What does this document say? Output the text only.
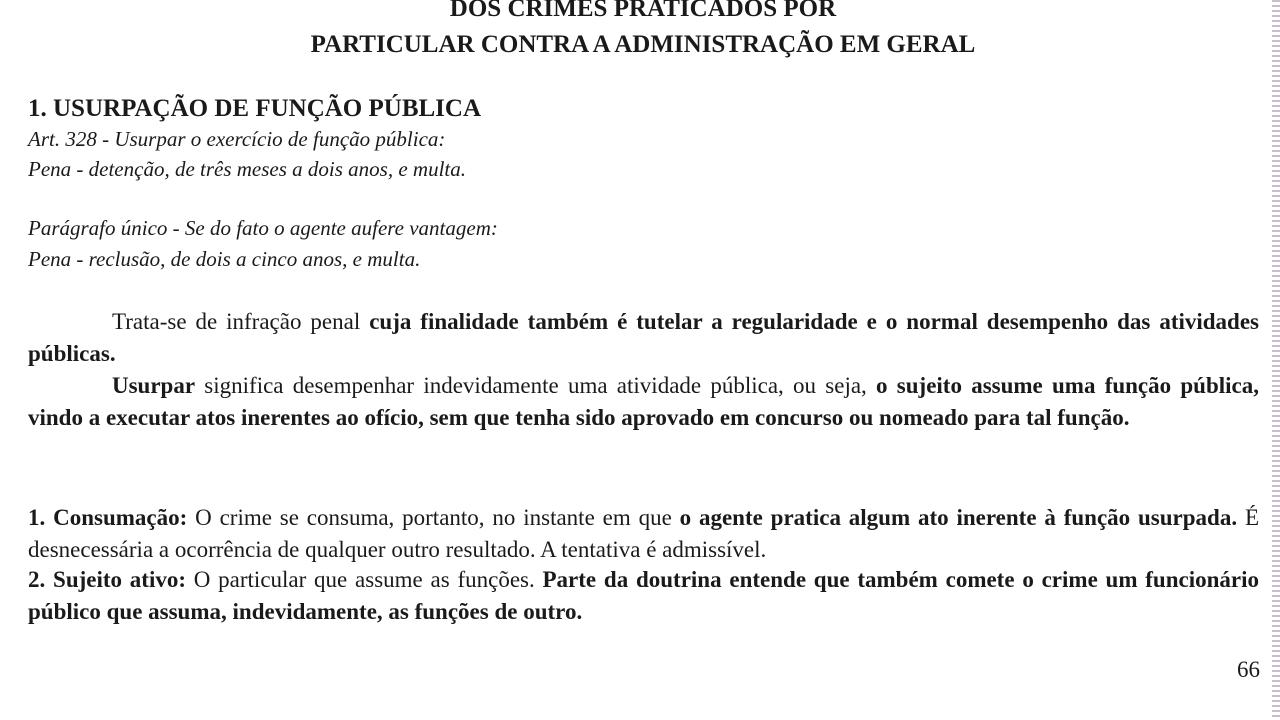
DOS CRIMES PRATICADOS POR
PARTICULAR CONTRA A ADMINISTRAÇÃO EM GERAL
1. USURPAÇÃO DE FUNÇÃO PÚBLICA
Art. 328 - Usurpar o exercício de função pública:
Pena - detenção, de três meses a dois anos, e multa.
Parágrafo único - Se do fato o agente aufere vantagem:
Pena - reclusão, de dois a cinco anos, e multa.
Trata-se de infração penal cuja finalidade também é tutelar a regularidade e o normal desempenho das atividades públicas.
Usurpar significa desempenhar indevidamente uma atividade pública, ou seja, o sujeito assume uma função pública, vindo a executar atos inerentes ao ofício, sem que tenha sido aprovado em concurso ou nomeado para tal função.
1. Consumação: O crime se consuma, portanto, no instante em que o agente pratica algum ato inerente à função usurpada. É desnecessária a ocorrência de qualquer outro resultado. A tentativa é admissível.
2. Sujeito ativo: O particular que assume as funções. Parte da doutrina entende que também comete o crime um funcionário público que assuma, indevidamente, as funções de outro.
66
